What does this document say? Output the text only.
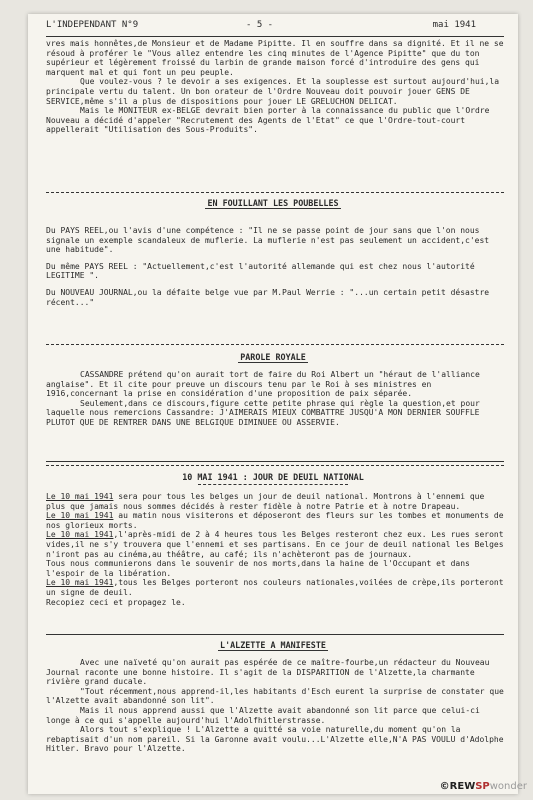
L'INDEPENDANT N°9	- 5 -	mai 1941

vres mais honnêtes,de Monsieur et de Madame Pipitte. Il en souffre dans sa dignité. Et il ne se résoud à proférer le "Vous allez entendre les cinq minutes de l'Agence Pipitte" que du ton supérieur et légèrement froissé du larbin de grande maison forcé d'introduire des gens qui marquent mal et qui font un peu peuple.

Que voulez-vous ? le devoir a ses exigences. Et la souplesse est surtout aujourd'hui,la principale vertu du talent. Un bon orateur de l'Ordre Nouveau doit pouvoir jouer GENS DE SERVICE,même s'il a plus de dispositions pour jouer LE GRELUCHON DELICAT.

Mais le MONITEUR ex-BELGE devrait bien porter à la connaissance du public que l'Ordre Nouveau a décidé d'appeler "Recrutement des Agents de l'Etat" ce que l'Ordre-tout-court appellerait "Utilisation des Sous-Produits".

EN FOUILLANT LES POUBELLES

Du PAYS REEL,ou l'avis d'une compétence : "Il ne se passe point de jour sans que l'on nous signale un exemple scandaleux de muflerie. La muflerie n'est pas seulement un accident,c'est une habitude".

Du même PAYS REEL : "Actuellement,c'est l'autorité allemande qui est chez nous l'autorité LEGITIME ".

Du NOUVEAU JOURNAL,ou la défaite belge vue par M.Paul Werrie : "...un certain petit désastre récent..."

PAROLE ROYALE

CASSANDRE prétend qu'on aurait tort de faire du Roi Albert un "héraut de l'alliance anglaise". Et il cite pour preuve un discours tenu par le Roi à ses ministres en 1916,concernant la prise en considération d'une proposition de paix séparée.

Seulement,dans ce discours,figure cette petite phrase qui règle la question,et pour laquelle nous remercions Cassandre: J'AIMERAIS MIEUX COMBATTRE JUSQU'A MON DERNIER SOUFFLE PLUTOT QUE DE RENTRER DANS UNE BELGIQUE DIMINUEE OU ASSERVIE.

10 MAI 1941 : JOUR DE DEUIL NATIONAL

Le 10 mai 1941 sera pour tous les belges un jour de deuil national. Montrons à l'ennemi que plus que jamais nous sommes décidés à rester fidèle à notre Patrie et à notre Drapeau.

Le 10 mai 1941 au matin nous visiterons et déposeront des fleurs sur les tombes et monuments de nos glorieux morts.

Le 10 mai 1941,l'après-midi de 2 à 4 heures tous les Belges resteront chez eux. Les rues seront vides,il ne s'y trouvera que l'ennemi et ses partisans. En ce jour de deuil national les Belges n'iront pas au cinéma,au théâtre, au café; ils n'achèteront pas de journaux.

Tous nous communierons dans le souvenir de nos morts,dans la haine de l'Occupant et dans l'espoir de la libération.

Le 10 mai 1941,tous les Belges porteront nos couleurs nationales,voilées de crèpe,ils porteront un signe de deuil.

Recopiez ceci et propagez le.

L'ALZETTE A MANIFESTE

Avec une naïveté qu'on aurait pas espérée de ce maître-fourbe,un rédacteur du Nouveau Journal raconte une bonne histoire. Il s'agit de la DISPARITION de l'Alzette,la charmante rivière grand ducale.

"Tout récemment,nous apprend-il,les habitants d'Esch eurent la surprise de constater que l'Alzette avait abandonné son lit".

Mais il nous apprend aussi que l'Alzette avait abandonné son lit parce que celui-ci longe à ce qui s'appelle aujourd'hui l'Adolfhitlerstrasse.

Alors tout s'explique ! L'Alzette a quitté sa voie naturelle,du moment qu'on la rebaptisait d'un nom pareil. Si la Garonne avait voulu...L'Alzette elle,N'A PAS VOULU d'Adolphe Hitler. Bravo pour l'Alzette.

©REWSPwonder
